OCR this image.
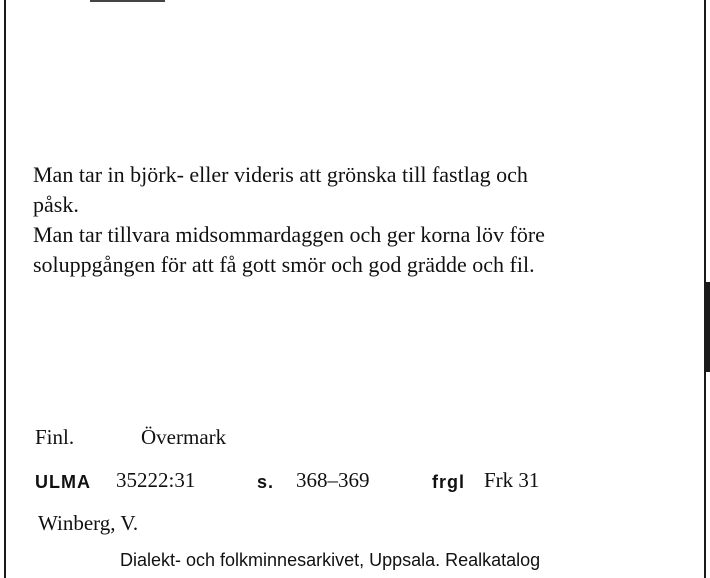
Man tar in björk- eller videris att grönska till fastlag och

påsk.

Man tar tillvara midsommardaggen och ger korna löv före

soluppgången för att få gott smör och god grädde och fil.

Finl.	Övermark
ULMA 35222:31	s. 368–369	frgl Frk 31
Winberg, V.
Dialekt- och folkminnesarkivet, Uppsala. Realkatalog
